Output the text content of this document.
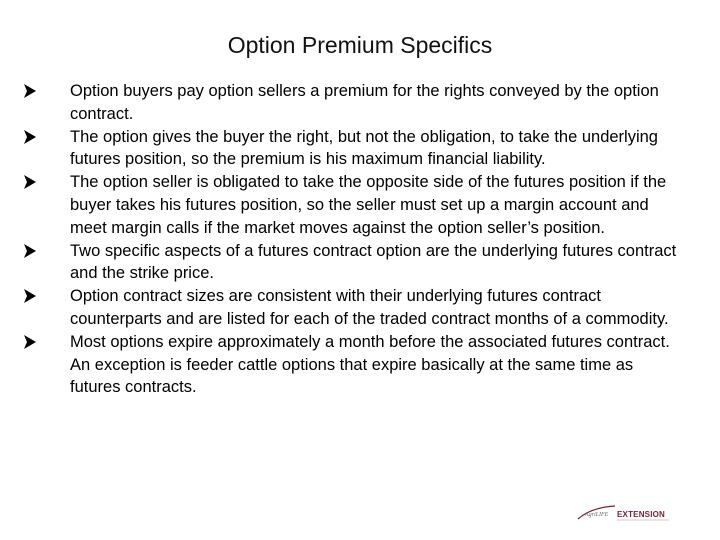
Option Premium Specifics
Option buyers pay option sellers a premium for the rights conveyed by the option contract.
The option gives the buyer the right, but not the obligation, to take the underlying futures position, so the premium is his maximum financial liability.
The option seller is obligated to take the opposite side of the futures position if the buyer takes his futures position, so the seller must set up a margin account and meet margin calls if the market moves against the option seller’s position.
Two specific aspects of a futures contract option are the underlying futures contract and the strike price.
Option contract sizes are consistent with their underlying futures contract counterparts and are listed for each of the traded contract months of a commodity.
Most options expire approximately a month before the associated futures contract. An exception is feeder cattle options that expire basically at the same time as futures contracts.
AgriLIFE EXTENSION
